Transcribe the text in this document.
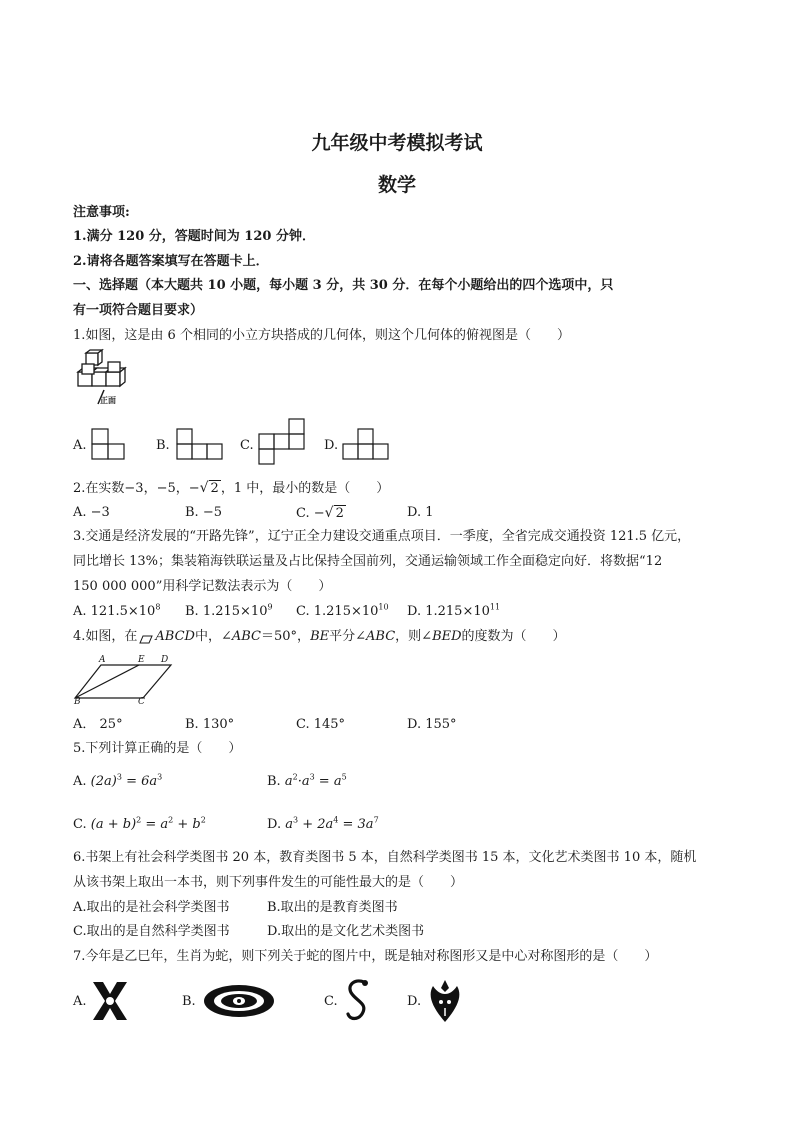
九年级中考模拟考试
数学
注意事项:
1.满分 120 分，答题时间为 120 分钟．
2.请将各题答案填写在答题卡上．
一、选择题（本大题共 10 小题，每小题 3 分，共 30 分．在每个小题给出的四个选项中，只
有一项符合题目要求）
1.如图，这是由 6 个相同的小立方块搭成的几何体，则这个几何体的俯视图是（　　）
正面
A.	B.	C.	D.
2.在实数−3，−5，−√ 2 ，1 中，最小的数是（　　）
A. −3	B. −5	C. −√ 2	D. 1
3.交通是经济发展的“开路先锋”，辽宁正全力建设交通重点项目．一季度，全省完成交通投资 121.5 亿元，
同比增长 13%；集装箱海铁联运量及占比保持全国前列，交通运输领域工作全面稳定向好．将数据“12
150 000 000”用科学记数法表示为（　　）
A. $121.5\times 10^8$ B. $1.215\times 10^9$ C. $1.215\times 10^{10}$ D. $1.215\times 10^{11}$
4.如图，在 ABCD中，∠ABC＝50°，BE平分∠ABC，则∠BED的度数为（　　）
A	E D
B	C
A． 25°	B. 130°	C. 145°	D. 155°
5.下列计算正确的是（　　）
A. $(2a)^3 = 6a^3$	B. $a^2\cdot a^3 = a^5$
C. $(a + b)^2 = a^2 + b^2$	D. $a^3 + 2a^4 = 3a^7$
6.书架上有社会科学类图书 20 本，教育类图书 5 本，自然科学类图书 15 本，文化艺术类图书 10 本，随机
从该书架上取出一本书，则下列事件发生的可能性最大的是（　　）
A.取出的是社会科学类图书	B.取出的是教育类图书
C.取出的是自然科学类图书	D.取出的是文化艺术类图书
7.今年是乙巳年，生肖为蛇，则下列关于蛇的图片中，既是轴对称图形又是中心对称图形的是（　　）
A.	B.	C.	D.
